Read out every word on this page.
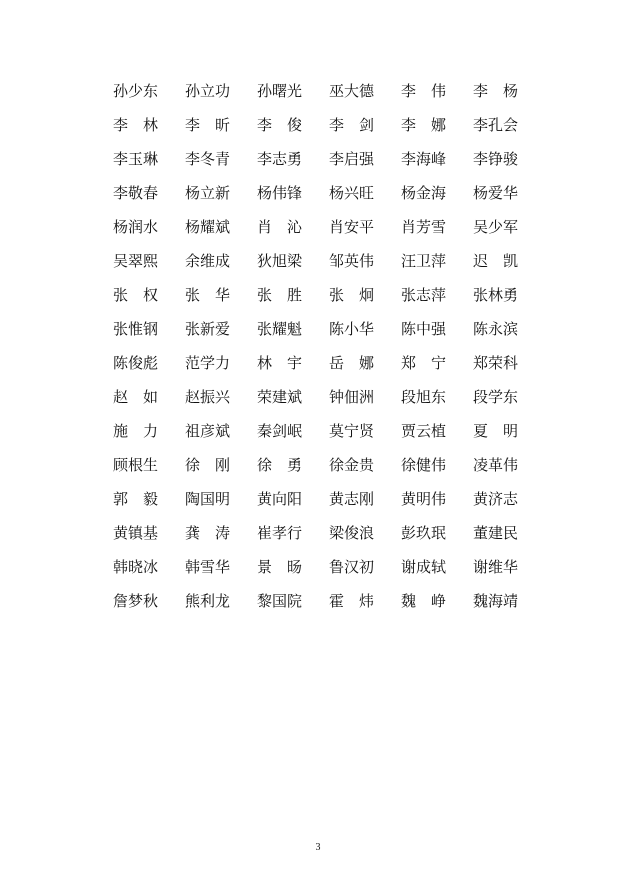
孙少东	孙立功	孙曙光	巫大德	李　伟	李　杨
李　林	李　昕	李　俊	李　剑	李　娜	李孔会
李玉琳	李冬青	李志勇	李启强	李海峰	李铮骏
李敬春	杨立新	杨伟锋	杨兴旺	杨金海	杨爱华
杨润水	杨耀斌	肖　沁	肖安平	肖芳雪	吴少军
吴翠熙	余维成	狄旭梁	邹英伟	汪卫萍	迟　凯
张　权	张　华	张　胜	张　炯	张志萍	张林勇
张惟钢	张新爱	张耀魁	陈小华	陈中强	陈永滨
陈俊彪	范学力	林　宇	岳　娜	郑　宁	郑荣科
赵　如	赵振兴	荣建斌	钟佃洲	段旭东	段学东
施　力	祖彦斌	秦剑岷	莫宁贤	贾云植	夏　明
顾根生	徐　刚	徐　勇	徐金贵	徐健伟	凌革伟
郭　毅	陶国明	黄向阳	黄志刚	黄明伟	黄济志
黄镇基	龚　涛	崔孝行	梁俊浪	彭玖珉	董建民
韩晓冰	韩雪华	景　旸	鲁汉初	谢成轼	谢维华
詹梦秋	熊利龙	黎国院	霍　炜	魏　峥	魏海靖
3
